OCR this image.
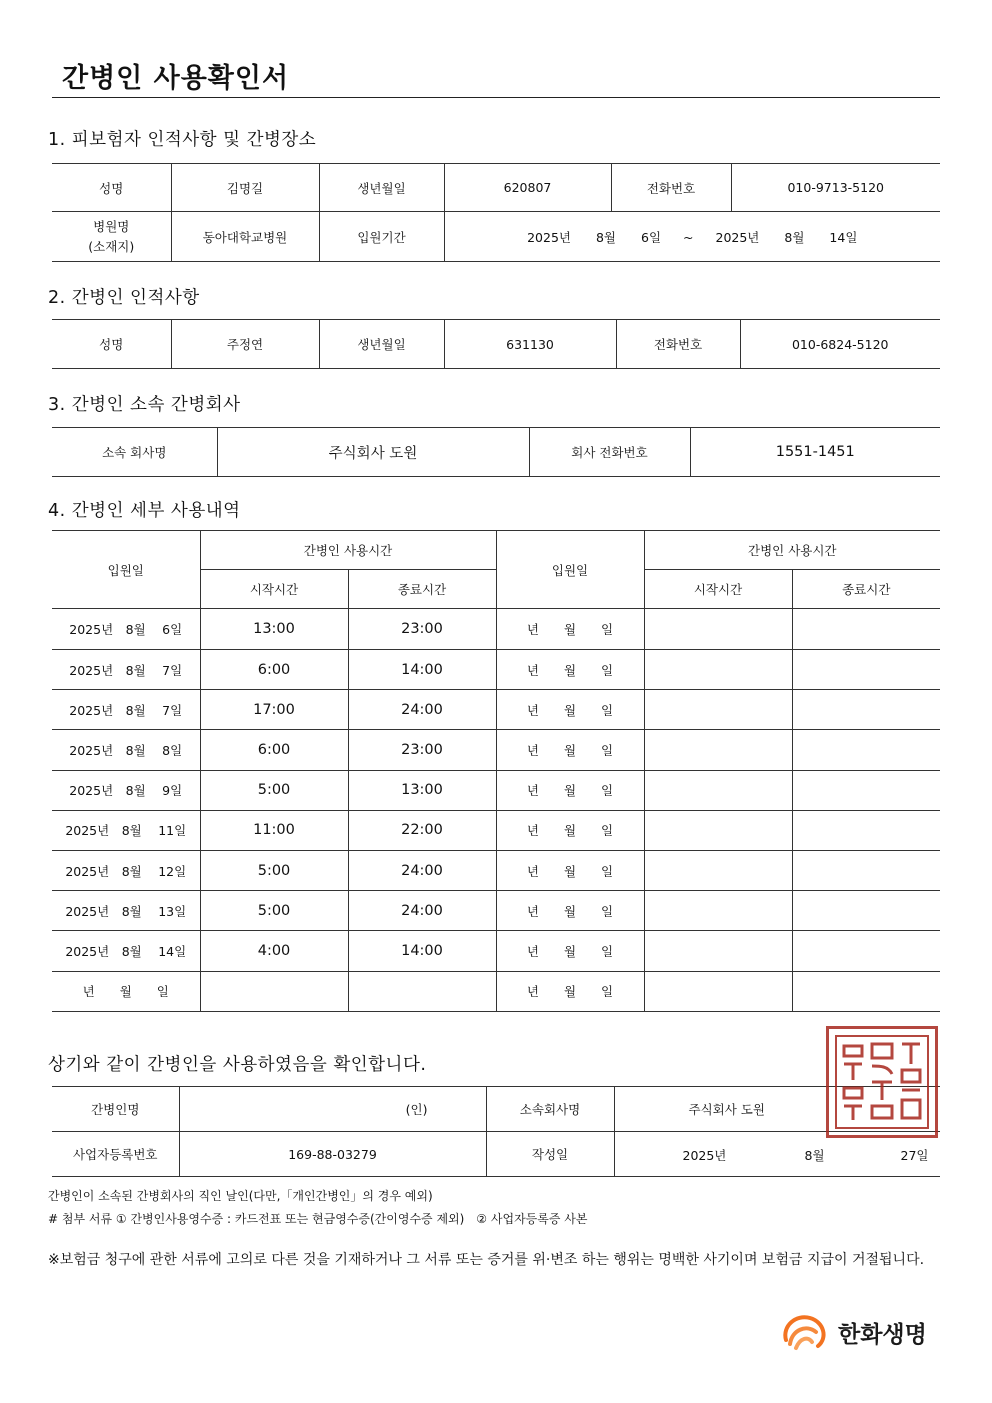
간병인 사용확인서
1. 피보험자 인적사항 및 간병장소
성명	김명길	생년월일	620807	전화번호	010-9713-5120

병원명
(소재지)	동아대학교병원	입원기간	2025년　　8월　　6일 ~ 2025년　　8월　　14일		
2. 간병인 인적사항
성명	주정연	생년월일	631130	전화번호	010-6824-5120
3. 간병인 소속 간병회사
소속 회사명	주식회사 도원	회사 전화번호	1551-1451
4. 간병인 세부 사용내역
입원일	간병인 사용시간		입원일	간병인 사용시간	
	시작시간	종료시간		시작시간	종료시간
2025년　8월　 6일	13:00	23:00	년　　월　　일		
2025년　8월　 7일	6:00	14:00	년　　월　　일		
2025년　8월　 7일	17:00	24:00	년　　월　　일		
2025년　8월　 8일	6:00	23:00	년　　월　　일		
2025년　8월　 9일	5:00	13:00	년　　월　　일		
2025년　8월　 11일	11:00	22:00	년　　월　　일		
2025년　8월　 12일	5:00	24:00	년　　월　　일		
2025년　8월　 13일	5:00	24:00	년　　월　　일		
2025년　8월　 14일	4:00	14:00	년　　월　　일		
년　　월　　일			년　　월　　일		
상기와 같이 간병인을 사용하였음을 확인합니다.
간병인명	(인)	소속회사명	주식회사 도원
사업자등록번호	169-88-03279	작성일	2025년 8월 27일
간병인이 소속된 간병회사의 직인 날인(다만,「개인간병인」의 경우 예외)
# 첨부 서류 ① 간병인사용영수증 : 카드전표 또는 현금영수증(간이영수증 제외)　② 사업자등록증 사본
※보험금 청구에 관한 서류에 고의로 다른 것을 기재하거나 그 서류 또는 증거를 위·변조 하는 행위는 명백한 사기이며 보험금 지급이 거절됩니다.
한화생명
